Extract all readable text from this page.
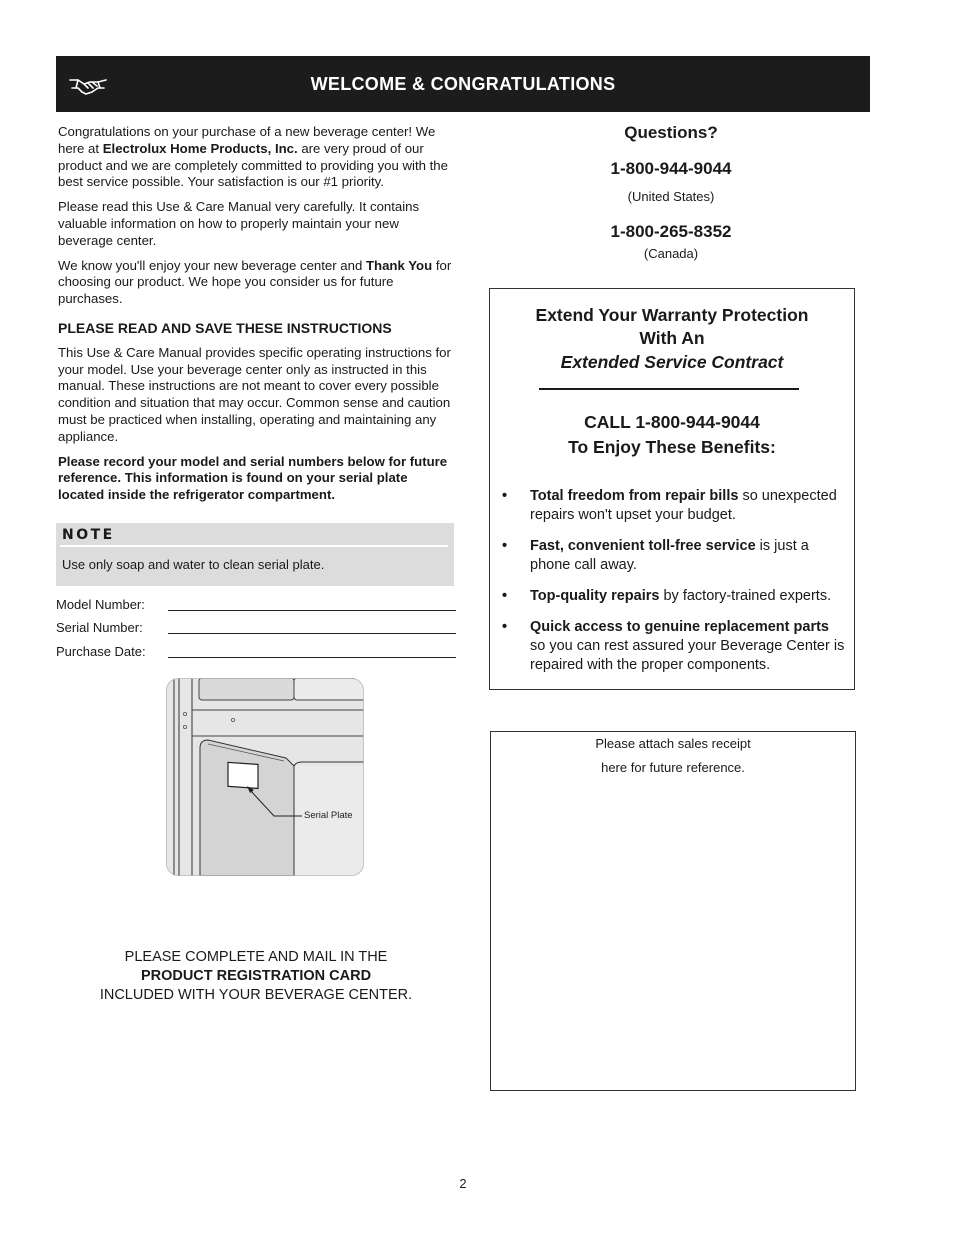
WELCOME & CONGRATULATIONS

Congratulations on your purchase of a new beverage center! We here at Electrolux Home Products, Inc. are very proud of our product and we are completely committed to providing you with the best service possible. Your satisfaction is our #1 priority.

Please read this Use & Care Manual very carefully. It contains valuable information on how to properly maintain your new beverage center.

We know you'll enjoy your new beverage center and Thank You for choosing our product. We hope you consider us for future purchases.

PLEASE READ AND SAVE THESE INSTRUCTIONS

This Use & Care Manual provides specific operating instructions for your model. Use your beverage center only as instructed in this manual. These instructions are not meant to cover every possible condition and situation that may occur. Common sense and caution must be practiced when installing, operating and maintaining any appliance.

Please record your model and serial numbers below for future reference. This information is found on your serial plate located inside the refrigerator compartment.

NOTE
Use only soap and water to clean serial plate.
Model Number:
Serial Number:
Purchase Date:
Serial Plate
PLEASE COMPLETE AND MAIL IN THE
PRODUCT REGISTRATION CARD
INCLUDED WITH YOUR BEVERAGE CENTER.
Questions?
1-800-944-9044
(United States)
1-800-265-8352
(Canada)
Extend Your Warranty Protection
With An
Extended Service Contract
CALL 1-800-944-9044
To Enjoy These Benefits:
• Total freedom from repair bills so unexpected repairs won't upset your budget.
• Fast, convenient toll-free service is just a phone call away.
• Top-quality repairs by factory-trained experts.
• Quick access to genuine replacement parts so you can rest assured your Beverage Center is repaired with the proper components.
Please attach sales receipt
here for future reference.
2
